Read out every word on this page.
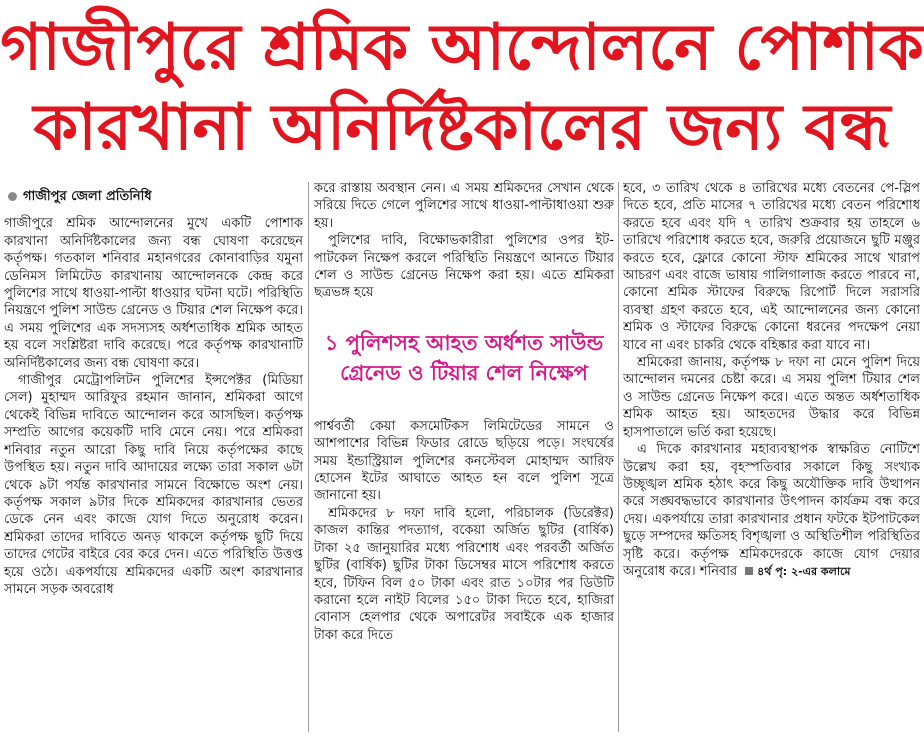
গাজীপুরে শ্রমিক আন্দোলনে পোশাক
কারখানা অনির্দিষ্টকালের জন্য বন্ধ
গাজীপুর জেলা প্রতিনিধি

গাজীপুরে শ্রমিক আন্দোলনের মুখে একটি পোশাক কারখানা অনির্দিষ্টকালের জন্য বন্ধ ঘোষণা করেছেন কর্তৃপক্ষ। গতকাল শনিবার মহানগরের কোনাবাড়ির যমুনা ডেনিমস লিমিটেড কারখানায় আন্দোলনকে কেন্দ্র করে পুলিশের সাথে ধাওয়া-পাল্টা ধাওয়ার ঘটনা ঘটে। পরিস্থিতি নিয়ন্ত্রণে পুলিশ সাউন্ড গ্রেনেড ও টিয়ার শেল নিক্ষেপ করে। এ সময় পুলিশের এক সদস্যসহ অর্ধশতাধিক শ্রমিক আহত হয় বলে সংশ্লিষ্টরা দাবি করেছে। পরে কর্তৃপক্ষ কারখানাটি অনির্দিষ্টকালের জন্য বন্ধ ঘোষণা করে।

গাজীপুর মেট্রোপলিটন পুলিশের ইন্সপেক্টর (মিডিয়া সেল) মুহাম্মদ আরিফুর রহমান জানান, শ্রমিকরা আগে থেকেই বিভিন্ন দাবিতে আন্দোলন করে আসছিল। কর্তৃপক্ষ সম্প্রতি আগের কয়েকটি দাবি মেনে নেয়। পরে শ্রমিকরা শনিবার নতুন আরো কিছু দাবি নিয়ে কর্তৃপক্ষের কাছে উপস্থিত হয়। নতুন দাবি আদায়ের লক্ষ্যে তারা সকাল ৬টা থেকে ৯টা পর্যন্ত কারখানার সামনে বিক্ষোভে অংশ নেয়। কর্তৃপক্ষ সকাল ৯টার দিকে শ্রমিকদের কারখানার ভেতর ডেকে নেন এবং কাজে যোগ দিতে অনুরোধ করেন। শ্রমিকরা তাদের দাবিতে অনড় থাকলে কর্তৃপক্ষ ছুটি দিয়ে তাদের গেটের বাইরে বের করে দেন। এতে পরিস্থিতি উত্তপ্ত হয়ে ওঠে। একপর্যায়ে শ্রমিকদের একটি অংশ কারখানার সামনে সড়ক অবরোধ

করে রাস্তায় অবস্থান নেন। এ সময় শ্রমিকদের সেখান থেকে সরিয়ে দিতে গেলে পুলিশের সাথে ধাওয়া-পাল্টাধাওয়া শুরু হয়।

পুলিশের দাবি, বিক্ষোভকারীরা পুলিশের ওপর ইট-পাটকেল নিক্ষেপ করলে পরিস্থিতি নিয়ন্ত্রণে আনতে টিয়ার শেল ও সাউন্ড গ্রেনেড নিক্ষেপ করা হয়। এতে শ্রমিকরা ছত্রভঙ্গ হয়ে

১ পুলিশসহ আহত অর্ধশত সাউন্ড গ্রেনেড ও টিয়ার শেল নিক্ষেপ

পার্শ্ববর্তী কেয়া কসমেটিকস লিমিটেডের সামনে ও আশপাশের বিভিন্ন ফিডার রোডে ছড়িয়ে পড়ে। সংঘর্ষের সময় ইন্ডাস্ট্রিয়াল পুলিশের কনস্টেবল মোহাম্মদ আরিফ হোসেন ইটের আঘাতে আহত হন বলে পুলিশ সূত্রে জানানো হয়।

শ্রমিকদের ৮ দফা দাবি হলো, পরিচালক (ডিরেক্টর) কাজল কান্তির পদত্যাগ, বকেয়া অর্জিত ছুটির (বার্ষিক) টাকা ২৫ জানুয়ারির মধ্যে পরিশোধ এবং পরবর্তী অর্জিত ছুটির (বার্ষিক) ছুটির টাকা ডিসেম্বর মাসে পরিশোধ করতে হবে, টিফিন বিল ৫০ টাকা এবং রাত ১০টার পর ডিউটি করানো হলে নাইট বিলের ১৫০ টাকা দিতে হবে, হাজিরা বোনাস হেলপার থেকে অপারেটর সবাইকে এক হাজার টাকা করে দিতে

হবে, ৩ তারিখ থেকে ৪ তারিখের মধ্যে বেতনের পে-স্লিপ দিতে হবে, প্রতি মাসের ৭ তারিখের মধ্যে বেতন পরিশোধ করতে হবে এবং যদি ৭ তারিখ শুক্রবার হয় তাহলে ৬ তারিখে পরিশোধ করতে হবে, জরুরি প্রয়োজনে ছুটি মঞ্জুর করতে হবে, ফ্লোরে কোনো স্টাফ শ্রমিকের সাথে খারাপ আচরণ এবং বাজে ভাষায় গালিগালাজ করতে পারবে না, কোনো শ্রমিক স্টাফের বিরুদ্ধে রিপোর্ট দিলে সরাসরি ব্যবস্থা গ্রহণ করতে হবে, এই আন্দোলনের জন্য কোনো শ্রমিক ও স্টাফের বিরুদ্ধে কোনো ধরনের পদক্ষেপ নেয়া যাবে না এবং চাকরি থেকে বহিষ্কার করা যাবে না।

শ্রমিকেরা জানায়, কর্তৃপক্ষ ৮ দফা না মেনে পুলিশ দিয়ে আন্দোলন দমনের চেষ্টা করে। এ সময় পুলিশ টিয়ার শেল ও সাউন্ড গ্রেনেড নিক্ষেপ করে। এতে অন্তত অর্ধশতাধিক শ্রমিক আহত হয়। আহতদের উদ্ধার করে বিভিন্ন হাসপাতালে ভর্তি করা হয়েছে।

এ দিকে কারখানার মহাব্যবস্থাপক স্বাক্ষরিত নোটিশে উল্লেখ করা হয়, বৃহস্পতিবার সকালে কিছু সংখ্যক উচ্ছৃঙ্খল শ্রমিক হঠাৎ করে কিছু অযৌক্তিক দাবি উত্থাপন করে সঙ্ঘবদ্ধভাবে কারখানার উৎপাদন কার্যক্রম বন্ধ করে দেয়। একপর্যায়ে তারা কারখানার প্রধান ফটকে ইটপাটকেল ছুড়ে সম্পদের ক্ষতিসহ বিশৃঙ্খলা ও অস্থিতিশীল পরিস্থিতির সৃষ্টি করে। কর্তৃপক্ষ শ্রমিকদেরকে কাজে যোগ দেয়ার অনুরোধ করে। শনিবার ৪র্থ পৃ: ২-এর কলামে
